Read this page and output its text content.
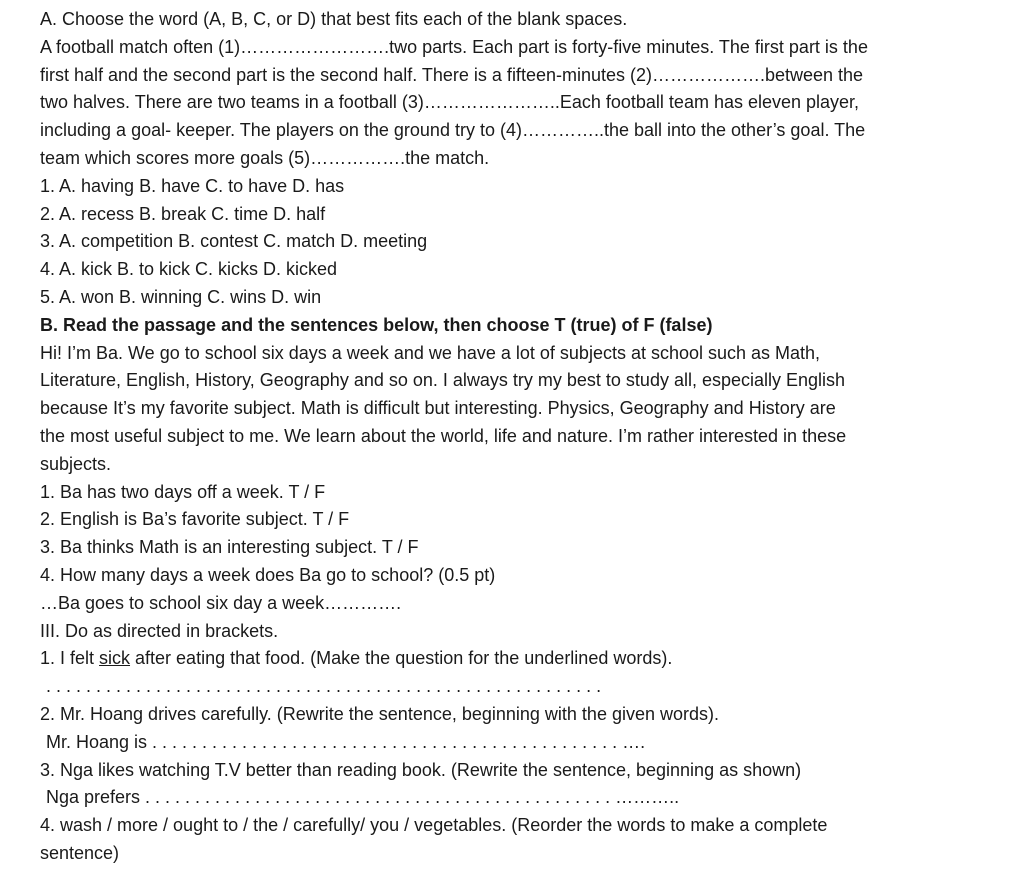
A. Choose the word (A, B, C, or D) that best fits each of the blank spaces.
A football match often (1)…………………….two parts. Each part is forty-five minutes. The first part is the
first half and the second part is the second half. There is a fifteen-minutes (2)……………….between the
two halves. There are two teams in a football (3)…………………..Each football team has eleven player,
including a goal- keeper. The players on the ground try to (4)…………..the ball into the other’s goal. The
team which scores more goals (5)…………….the match.
1. A. having B. have C. to have D. has
2. A. recess B. break C. time D. half
3. A. competition B. contest C. match D. meeting
4. A. kick B. to kick C. kicks D. kicked
5. A. won B. winning C. wins D. win
B. Read the passage and the sentences below, then choose T (true) of F (false)
Hi! I’m Ba. We go to school six days a week and we have a lot of subjects at school such as Math,
Literature, English, History, Geography and so on. I always try my best to study all, especially English
because It’s my favorite subject. Math is difficult but interesting. Physics, Geography and History are
the most useful subject to me. We learn about the world, life and nature. I’m rather interested in these
subjects.
1. Ba has two days off a week. T / F
2. English is Ba’s favorite subject. T / F
3. Ba thinks Math is an interesting subject. T / F
4. How many days a week does Ba go to school? (0.5 pt)
…Ba goes to school six day a week………….
III. Do as directed in brackets.
1. I felt sick after eating that food. (Make the question for the underlined words).
. . . . . . . . . . . . . . . . . . . . . . . . . . . . . . . . . . . . . . . . . . . . . . . . . . . . . . . .
2. Mr. Hoang drives carefully. (Rewrite the sentence, beginning with the given words).
Mr. Hoang is . . . . . . . . . . . . . . . . . . . . . . . . . . . . . . . . . . . . . . . . . . . . . . . ….
3. Nga likes watching T.V better than reading book. (Rewrite the sentence, beginning as shown)
Nga prefers . . . . . . . . . . . . . . . . . . . . . . . . . . . . . . . . . . . . . . . . . . . . . . . ………..
4. wash / more / ought to / the / carefully/ you / vegetables. (Reorder the words to make a complete
sentence)
